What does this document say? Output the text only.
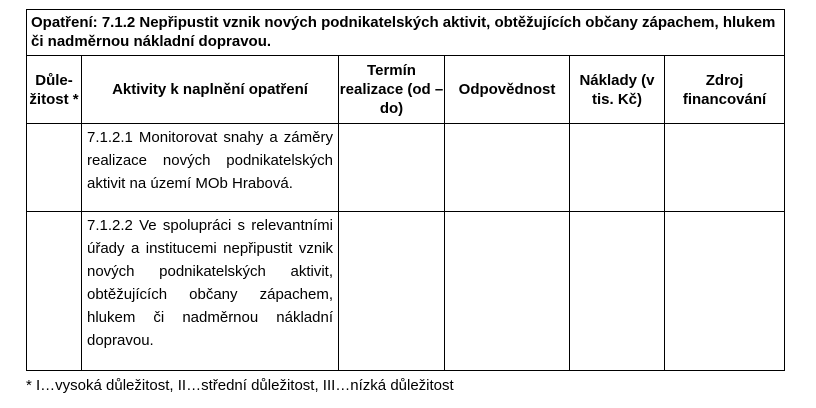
Opatření: 7.1.2 Nepřipustit vznik nových podnikatelských aktivit, obtěžujících občany zápachem, hlukem či nadměrnou nákladní dopravou.					
Důle-žitost *	Aktivity k naplnění opatření	Termín realizace (od – do)	Odpovědnost	Náklady (v tis. Kč)	Zdroj financování
	7.1.2.1 Monitorovat snahy a záměry realizace nových podnikatelských aktivit na území MOb Hrabová.				
	7.1.2.2 Ve spolupráci s relevantními úřady a institucemi nepřipustit vznik nových podnikatelských aktivit, obtěžujících občany zápachem, hlukem či nadměrnou nákladní dopravou.				
* I…vysoká důležitost, II…střední důležitost, III…nízká důležitost
